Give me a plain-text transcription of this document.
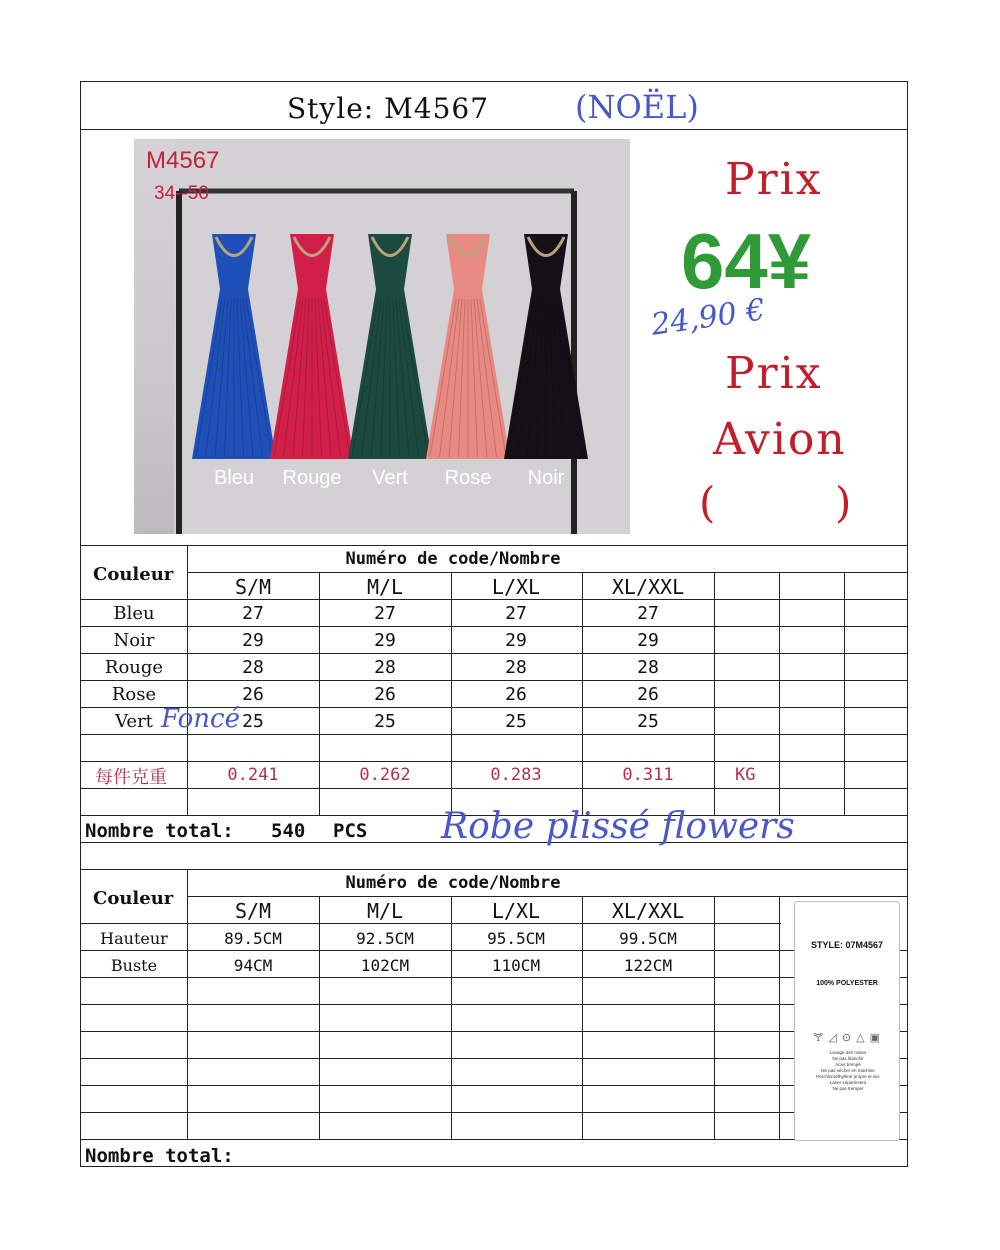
Style: M4567	(NOËL)
M4567
34--50
Bleu	Rouge	Vert	Rose	Noir
Prix
64¥
24,90 €
Prix
Avion
(	)
Couleur
Numéro de code/Nombre
S/M	M/L	L/XL	XL/XXL
Bleu	27	27	27	27
Noir	29	29	29	29
Rouge	28	28	28	28
Rose	26	26	26	26
Vert	25	25	25	25
Foncé
每件克重	0.241	0.262	0.283	0.311	KG
Nombre total: 540 PCS Robe plissé flowers
Couleur
Numéro de code/Nombre
S/M	M/L	L/XL	XL/XXL
Hauteur	89.5CM	92.5CM	95.5CM	99.5CM
Buste	94CM	102CM	110CM	122CM
Nombre total:
STYLE: 07M4567
100% POLYESTER
🝖 ◿ ⊙ △ ▣
Lavage des mains
Ne pas blanchir
Acier trempé
Ne pas sécher en machine
Perchloroéthylène propre et sec
Laver séparément
Ne pas tremper
